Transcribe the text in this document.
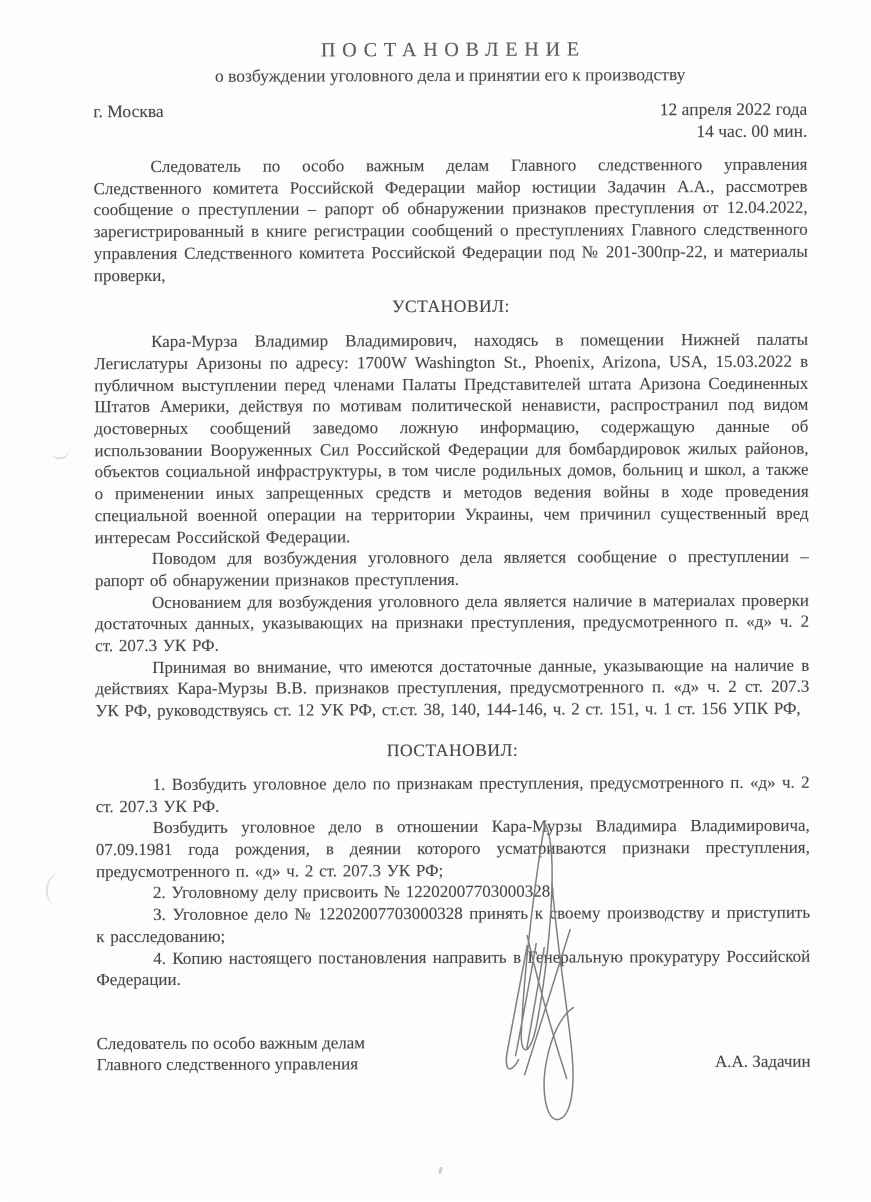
ПОСТАНОВЛЕНИЕ
о возбуждении уголовного дела и принятии его к производству
г. Москва	12 апреля 2022 года
14 час. 00 мин.

Следователь по особо важным делам Главного следственного управления Следственного комитета Российской Федерации майор юстиции Задачин А.А., рассмотрев сообщение о преступлении – рапорт об обнаружении признаков преступления от 12.04.2022, зарегистрированный в книге регистрации сообщений о преступлениях Главного следственного управления Следственного комитета Российской Федерации под № 201-300пр-22, и материалы проверки,

УСТАНОВИЛ:

Кара-Мурза Владимир Владимирович, находясь в помещении Нижней палаты Легислатуры Аризоны по адресу: 1700W Washington St., Phoenix, Arizona, USA, 15.03.2022 в публичном выступлении перед членами Палаты Представителей штата Аризона Соединенных Штатов Америки, действуя по мотивам политической ненависти, распространил под видом достоверных сообщений заведомо ложную информацию, содержащую данные об использовании Вооруженных Сил Российской Федерации для бомбардировок жилых районов, объектов социальной инфраструктуры, в том числе родильных домов, больниц и школ, а также о применении иных запрещенных средств и методов ведения войны в ходе проведения специальной военной операции на территории Украины, чем причинил существенный вред интересам Российской Федерации.

Поводом для возбуждения уголовного дела является сообщение о преступлении – рапорт об обнаружении признаков преступления.

Основанием для возбуждения уголовного дела является наличие в материалах проверки достаточных данных, указывающих на признаки преступления, предусмотренного п. «д» ч. 2 ст. 207.3 УК РФ.

Принимая во внимание, что имеются достаточные данные, указывающие на наличие в действиях Кара-Мурзы В.В. признаков преступления, предусмотренного п. «д» ч. 2 ст. 207.3 УК РФ, руководствуясь ст. 12 УК РФ, ст.ст. 38, 140, 144-146, ч. 2 ст. 151, ч. 1 ст. 156 УПК РФ,

ПОСТАНОВИЛ:

1. Возбудить уголовное дело по признакам преступления, предусмотренного п. «д» ч. 2 ст. 207.3 УК РФ.

Возбудить уголовное дело в отношении Кара-Мурзы Владимира Владимировича, 07.09.1981 года рождения, в деянии которого усматриваются признаки преступления, предусмотренного п. «д» ч. 2 ст. 207.3 УК РФ;

2. Уголовному делу присвоить № 12202007703000328;

3. Уголовное дело № 12202007703000328 принять к своему производству и приступить к расследованию;

4. Копию настоящего постановления направить в Генеральную прокуратуру Российской Федерации.

Следователь по особо важным делам
Главного следственного управления	А.А. Задачин
